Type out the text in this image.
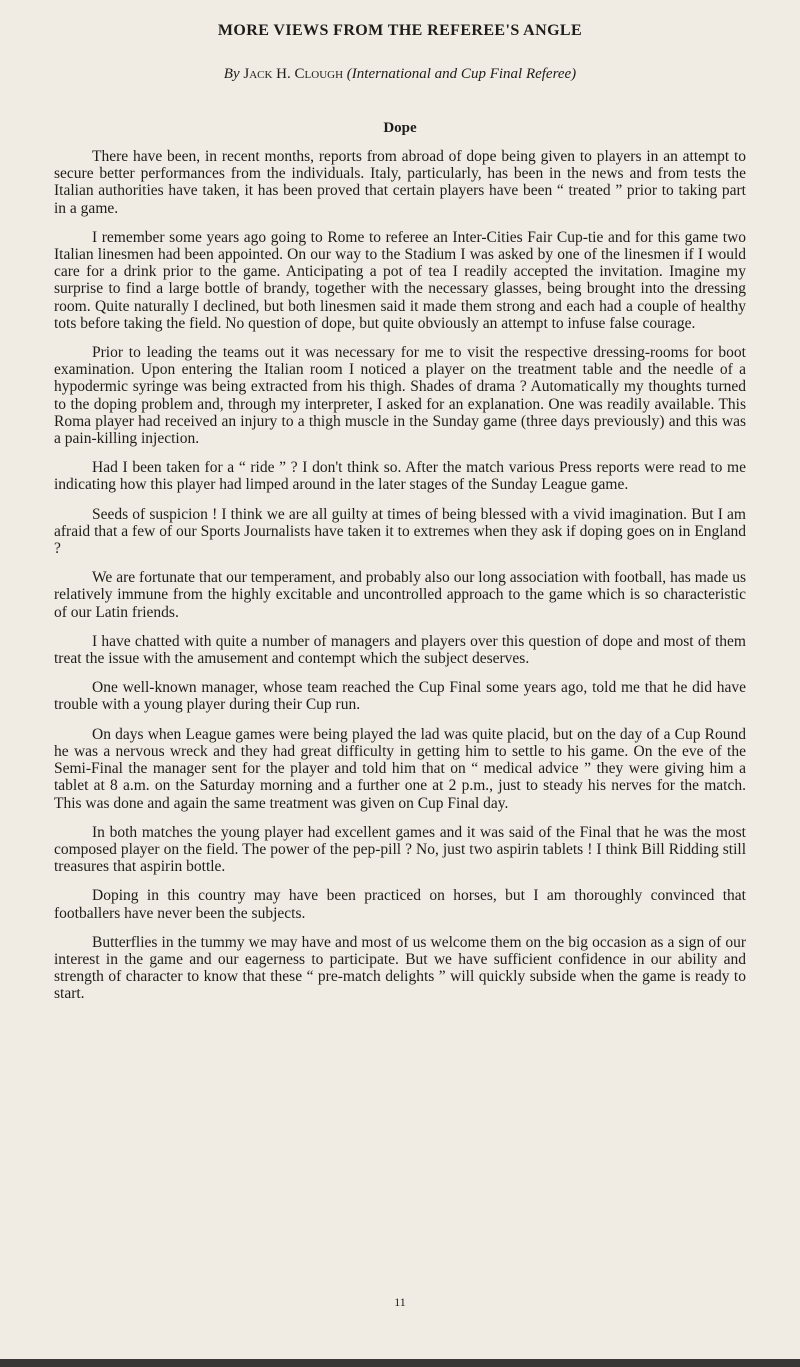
MORE VIEWS FROM THE REFEREE'S ANGLE
By Jack H. Clough (International and Cup Final Referee)
Dope

There have been, in recent months, reports from abroad of dope being given to players in an attempt to secure better performances from the individuals. Italy, particularly, has been in the news and from tests the Italian authorities have taken, it has been proved that certain players have been “ treated ” prior to taking part in a game.

I remember some years ago going to Rome to referee an Inter-Cities Fair Cup-tie and for this game two Italian linesmen had been appointed. On our way to the Stadium I was asked by one of the linesmen if I would care for a drink prior to the game. Anticipating a pot of tea I readily accepted the invitation. Imagine my surprise to find a large bottle of brandy, together with the necessary glasses, being brought into the dressing room. Quite naturally I declined, but both linesmen said it made them strong and each had a couple of healthy tots before taking the field. No question of dope, but quite obviously an attempt to infuse false courage.

Prior to leading the teams out it was necessary for me to visit the respective dressing-rooms for boot examination. Upon entering the Italian room I noticed a player on the treatment table and the needle of a hypodermic syringe was being extracted from his thigh. Shades of drama ? Automatically my thoughts turned to the doping problem and, through my interpreter, I asked for an explanation. One was readily available. This Roma player had received an injury to a thigh muscle in the Sunday game (three days previously) and this was a pain-killing injection.

Had I been taken for a “ ride ” ? I don't think so. After the match various Press reports were read to me indicating how this player had limped around in the later stages of the Sunday League game.

Seeds of suspicion ! I think we are all guilty at times of being blessed with a vivid imagination. But I am afraid that a few of our Sports Journalists have taken it to extremes when they ask if doping goes on in England ?

We are fortunate that our temperament, and probably also our long association with football, has made us relatively immune from the highly excitable and uncontrolled approach to the game which is so characteristic of our Latin friends.

I have chatted with quite a number of managers and players over this question of dope and most of them treat the issue with the amusement and contempt which the subject deserves.

One well-known manager, whose team reached the Cup Final some years ago, told me that he did have trouble with a young player during their Cup run.

On days when League games were being played the lad was quite placid, but on the day of a Cup Round he was a nervous wreck and they had great difficulty in getting him to settle to his game. On the eve of the Semi-Final the manager sent for the player and told him that on “ medical advice ” they were giving him a tablet at 8 a.m. on the Saturday morning and a further one at 2 p.m., just to steady his nerves for the match. This was done and again the same treatment was given on Cup Final day.

In both matches the young player had excellent games and it was said of the Final that he was the most composed player on the field. The power of the pep-pill ? No, just two aspirin tablets ! I think Bill Ridding still treasures that aspirin bottle.

Doping in this country may have been practiced on horses, but I am thoroughly convinced that footballers have never been the subjects.

Butterflies in the tummy we may have and most of us welcome them on the big occasion as a sign of our interest in the game and our eagerness to participate. But we have sufficient confidence in our ability and strength of character to know that these “ pre-match delights ” will quickly subside when the game is ready to start.

11
